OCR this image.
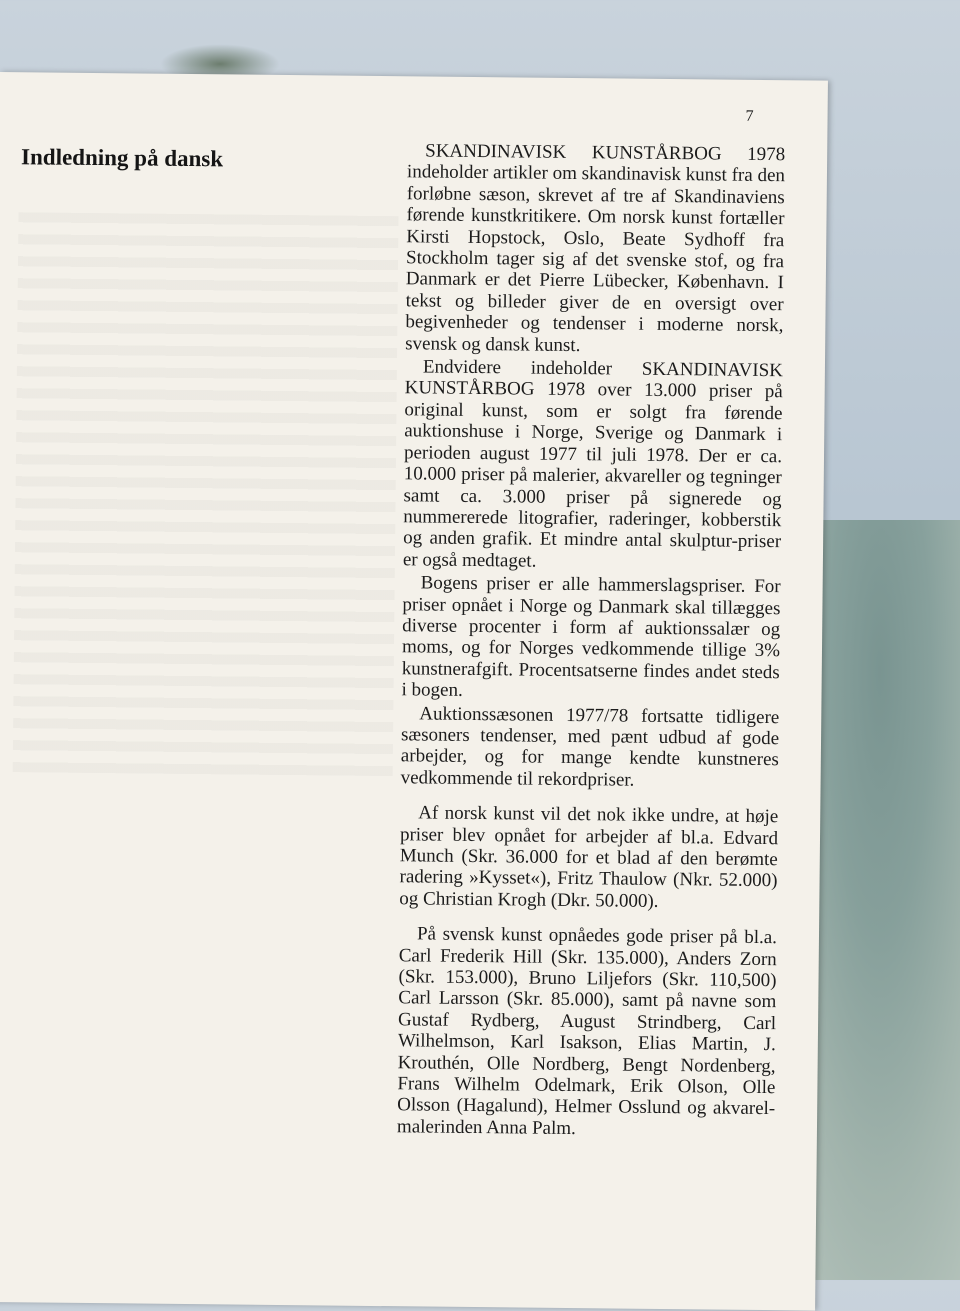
7
Indledning på dansk	SKANDINAVISK KUNSTÅRBOG 1978 indeholder artikler om skandinavisk kunst fra den forløbne sæson, skrevet af tre af Skandinaviens førende kunstkritikere. Om norsk kunst fortæller Kirsti Hopstock, Oslo, Beate Sydhoff fra Stockholm tager sig af det svenske stof, og fra Danmark er det Pierre Lübecker, København. I tekst og billeder giver de en oversigt over begivenheder og tendenser i moderne norsk, svensk og dansk kunst.

Endvidere indeholder SKANDINAVISK KUNSTÅRBOG 1978 over 13.000 priser på original kunst, som er solgt fra førende auktionshuse i Norge, Sverige og Danmark i perioden august 1977 til juli 1978. Der er ca. 10.000 priser på malerier, akvareller og tegninger samt ca. 3.000 priser på signerede og nummererede litografier, raderinger, kobberstik og anden grafik. Et mindre antal skulptur-priser er også medtaget.

Bogens priser er alle hammerslagspriser. For priser opnået i Norge og Danmark skal tillægges diverse procenter i form af auktionssalær og moms, og for Norges vedkommende tillige 3% kunstnerafgift. Procentsatserne findes andet steds i bogen.

Auktionssæsonen 1977/78 fortsatte tidligere sæsoners tendenser, med pænt udbud af gode arbejder, og for mange kendte kunstneres vedkommende til rekordpriser.

Af norsk kunst vil det nok ikke undre, at høje priser blev opnået for arbejder af bl.a. Edvard Munch (Skr. 36.000 for et blad af den berømte radering »Kysset«), Fritz Thaulow (Nkr. 52.000) og Christian Krogh (Dkr. 50.000).

På svensk kunst opnåedes gode priser på bl.a. Carl Frederik Hill (Skr. 135.000), Anders Zorn (Skr. 153.000), Bruno Liljefors (Skr. 110,500) Carl Larsson (Skr. 85.000), samt på navne som Gustaf Rydberg, August Strindberg, Carl Wilhelmson, Karl Isakson, Elias Martin, J. Krouthén, Olle Nordberg, Bengt Nordenberg, Frans Wilhelm Odelmark, Erik Olson, Olle Olsson (Hagalund), Helmer Osslund og akvarel-malerinden Anna Palm.
